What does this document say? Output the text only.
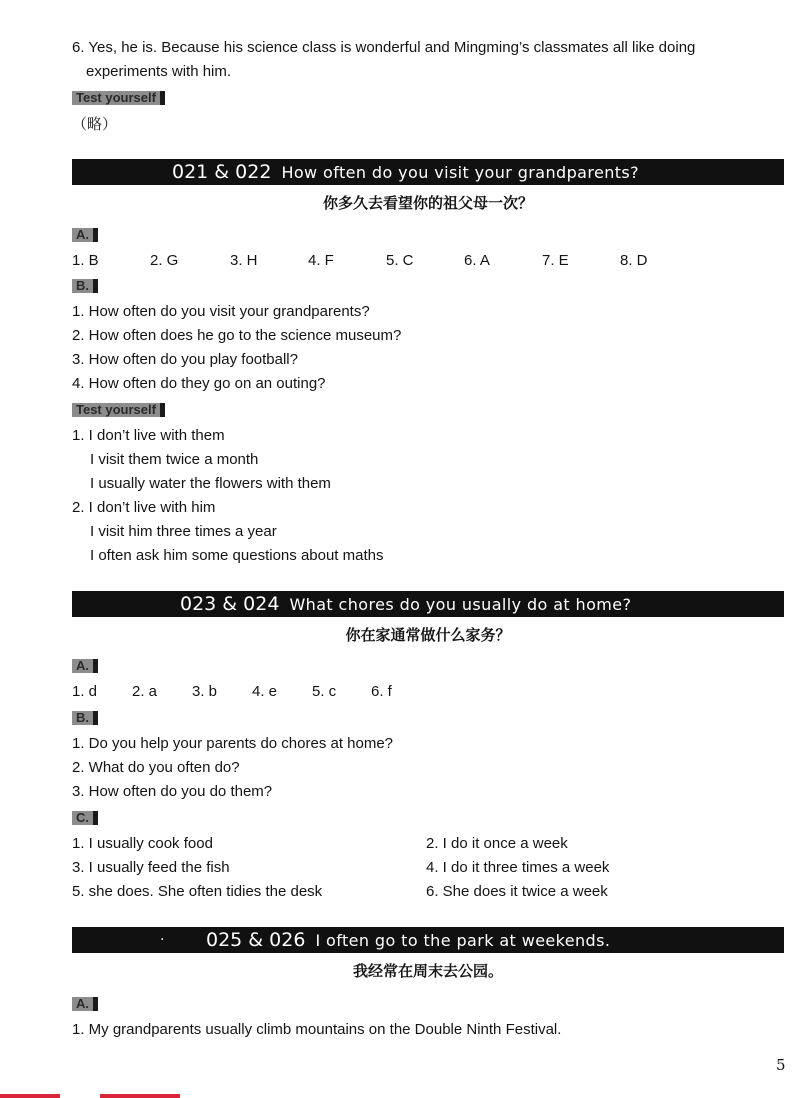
6. Yes, he is. Because his science class is wonderful and Mingming’s classmates all like doing
experiments with him.
Test yourself
（略）
021 & 022 How often do you visit your grandparents?
你多久去看望你的祖父母一次？
A.
1. B	2. G	3. H	4. F	5. C	6. A	7. E	8. D
B.
1. How often do you visit your grandparents?
2. How often does he go to the science museum?
3. How often do you play football?
4. How often do they go on an outing?
Test yourself
1. I don’t live with them
I visit them twice a month
I usually water the flowers with them
2. I don’t live with him
I visit him three times a year
I often ask him some questions about maths
023 & 024 What chores do you usually do at home?
你在家通常做什么家务？
A.
1. d 2. a 3. b 4. e 5. c 6. f
B.
1. Do you help your parents do chores at home?
2. What do you often do?
3. How often do you do them?
C.
1. I usually cook food	2. I do it once a week
3. I usually feed the fish	4. I do it three times a week
5. she does. She often tidies the desk	6. She does it twice a week
· 025 & 026 I often go to the park at weekends.
我经常在周末去公园。
A.
1. My grandparents usually climb mountains on the Double Ninth Festival.
5
